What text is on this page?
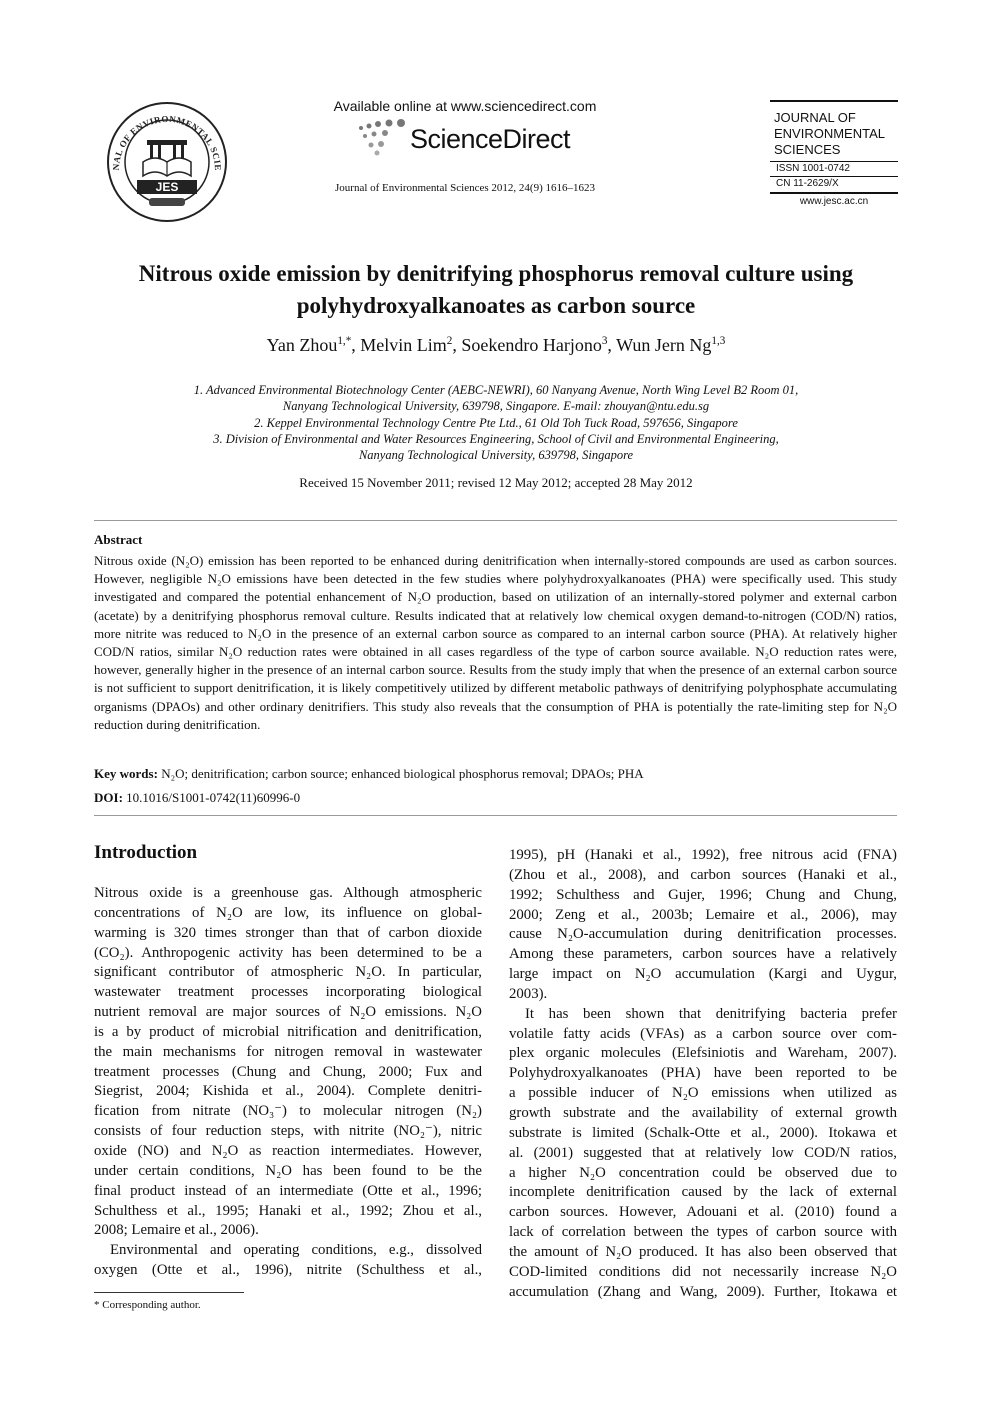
NAL OF ENVIRONMENTAL SCIE
JES
Available online at www.sciencedirect.com
ScienceDirect
Journal of Environmental Sciences 2012, 24(9) 1616–1623
JOURNAL OF
ENVIRONMENTAL
SCIENCES
ISSN 1001-0742
CN 11-2629/X
www.jesc.ac.cn
Nitrous oxide emission by denitrifying phosphorus removal culture using
polyhydroxyalkanoates as carbon source
Yan Zhou$^{1,*}$, Melvin Lim$^2$, Soekendro Harjono$^3$, Wun Jern Ng$^{1,3}$
1. Advanced Environmental Biotechnology Center (AEBC-NEWRI), 60 Nanyang Avenue, North Wing Level B2 Room 01,
Nanyang Technological University, 639798, Singapore. E-mail: zhouyan@ntu.edu.sg
2. Keppel Environmental Technology Centre Pte Ltd., 61 Old Toh Tuck Road, 597656, Singapore
3. Division of Environmental and Water Resources Engineering, School of Civil and Environmental Engineering,
Nanyang Technological University, 639798, Singapore
Received 15 November 2011; revised 12 May 2012; accepted 28 May 2012
Abstract
Nitrous oxide (N₂O) emission has been reported to be enhanced during denitrification when internally-stored compounds are used as carbon sources. However, negligible N₂O emissions have been detected in the few studies where polyhydroxyalkanoates (PHA) were specifically used. This study investigated and compared the potential enhancement of N₂O production, based on utilization of an internally-stored polymer and external carbon (acetate) by a denitrifying phosphorus removal culture. Results indicated that at relatively low chemical oxygen demand-to-nitrogen (COD/N) ratios, more nitrite was reduced to N₂O in the presence of an external carbon source as compared to an internal carbon source (PHA). At relatively higher COD/N ratios, similar N₂O reduction rates were obtained in all cases regardless of the type of carbon source available. N₂O reduction rates were, however, generally higher in the presence of an internal carbon source. Results from the study imply that when the presence of an external carbon source is not sufficient to support denitrification, it is likely competitively utilized by different metabolic pathways of denitrifying polyphosphate accumulating organisms (DPAOs) and other ordinary denitrifiers. This study also reveals that the consumption of PHA is potentially the rate-limiting step for N₂O reduction during denitrification.
Key words: N₂O; denitrification; carbon source; enhanced biological phosphorus removal; DPAOs; PHA
DOI: 10.1016/S1001-0742(11)60996-0
Introduction
Nitrous oxide is a greenhouse gas. Although atmospheric
concentrations of N₂O are low, its influence on global-
warming is 320 times stronger than that of carbon dioxide
(CO₂). Anthropogenic activity has been determined to be a
significant contributor of atmospheric N₂O. In particular,
wastewater treatment processes incorporating biological
nutrient removal are major sources of N₂O emissions. N₂O
is a by product of microbial nitrification and denitrification,
the main mechanisms for nitrogen removal in wastewater
treatment processes (Chung and Chung, 2000; Fux and
Siegrist, 2004; Kishida et al., 2004). Complete denitri-
fication from nitrate (NO₃⁻) to molecular nitrogen (N₂)
consists of four reduction steps, with nitrite (NO₂⁻), nitric
oxide (NO) and N₂O as reaction intermediates. However,
under certain conditions, N₂O has been found to be the
final product instead of an intermediate (Otte et al., 1996;
Schulthess et al., 1995; Hanaki et al., 1992; Zhou et al.,
2008; Lemaire et al., 2006).
Environmental and operating conditions, e.g., dissolved
oxygen (Otte et al., 1996), nitrite (Schulthess et al.,
1995), pH (Hanaki et al., 1992), free nitrous acid (FNA)
(Zhou et al., 2008), and carbon sources (Hanaki et al.,
1992; Schulthess and Gujer, 1996; Chung and Chung,
2000; Zeng et al., 2003b; Lemaire et al., 2006), may
cause N₂O-accumulation during denitrification processes.
Among these parameters, carbon sources have a relatively
large impact on N₂O accumulation (Kargi and Uygur,
2003).
It has been shown that denitrifying bacteria prefer
volatile fatty acids (VFAs) as a carbon source over com-
plex organic molecules (Elefsiniotis and Wareham, 2007).
Polyhydroxyalkanoates (PHA) have been reported to be
a possible inducer of N₂O emissions when utilized as
growth substrate and the availability of external growth
substrate is limited (Schalk-Otte et al., 2000). Itokawa et
al. (2001) suggested that at relatively low COD/N ratios,
a higher N₂O concentration could be observed due to
incomplete denitrification caused by the lack of external
carbon sources. However, Adouani et al. (2010) found a
lack of correlation between the types of carbon source with
the amount of N₂O produced. It has also been observed that
COD-limited conditions did not necessarily increase N₂O
accumulation (Zhang and Wang, 2009). Further, Itokawa et
* Corresponding author.
